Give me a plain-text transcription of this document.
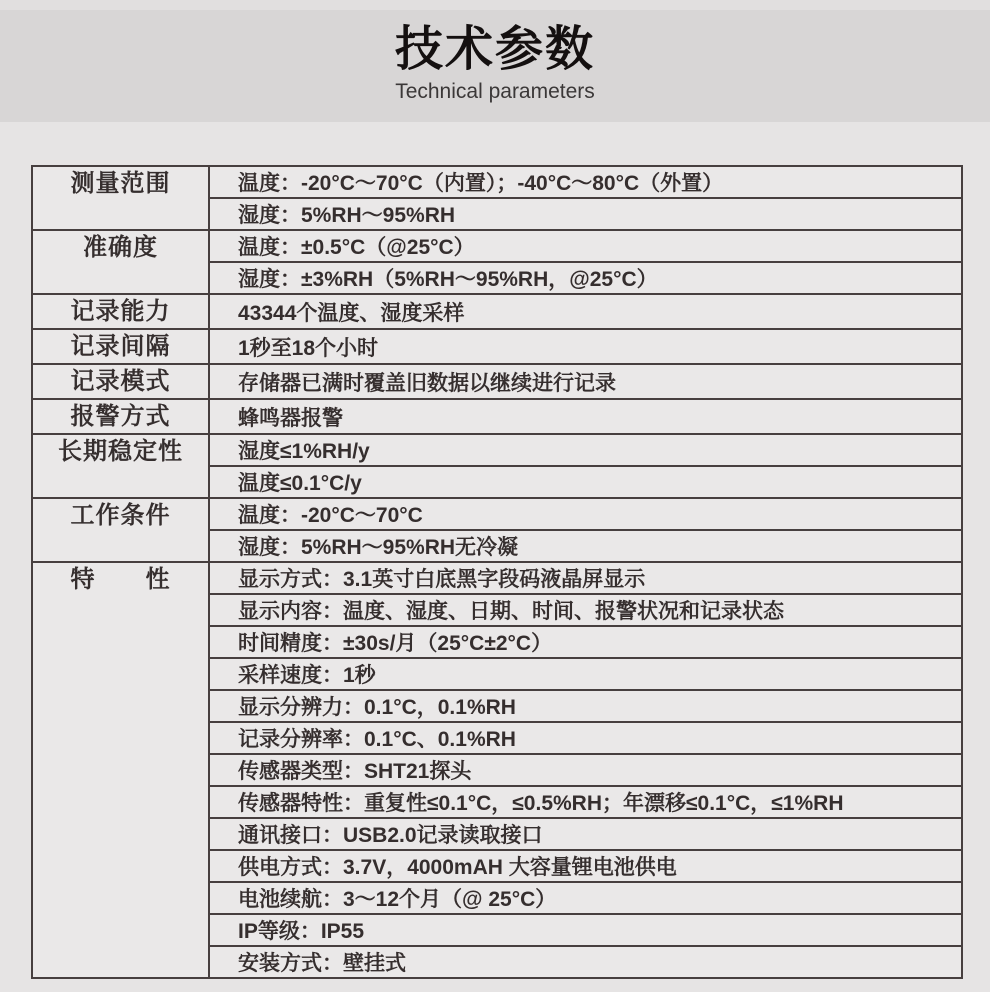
技术参数
Technical parameters
测量范围	温度：-20°C～70°C（内置）；-40°C～80°C（外置）
	湿度：5%RH～95%RH
准确度	温度：±0.5°C（@25°C）
	湿度：±3%RH（5%RH～95%RH，@25°C）
记录能力	43344个温度、湿度采样
记录间隔	1秒至18个小时
记录模式	存储器已满时覆盖旧数据以继续进行记录
报警方式	蜂鸣器报警
长期稳定性	湿度≤1%RH/y
	温度≤0.1°C/y
工作条件	温度：-20°C～70°C
	湿度：5%RH～95%RH无冷凝
特　　性	显示方式：3.1英寸白底黑字段码液晶屏显示
	显示内容：温度、湿度、日期、时间、报警状况和记录状态
	时间精度：±30s/月（25°C±2°C）
	采样速度：1秒
	显示分辨力：0.1°C，0.1%RH
	记录分辨率：0.1°C、0.1%RH
	传感器类型：SHT21探头
	传感器特性：重复性≤0.1°C，≤0.5%RH；年漂移≤0.1°C，≤1%RH
	通讯接口：USB2.0记录读取接口
	供电方式：3.7V，4000mAH 大容量锂电池供电
	电池续航：3～12个月（@ 25°C）
	IP等级：IP55
	安装方式：壁挂式
